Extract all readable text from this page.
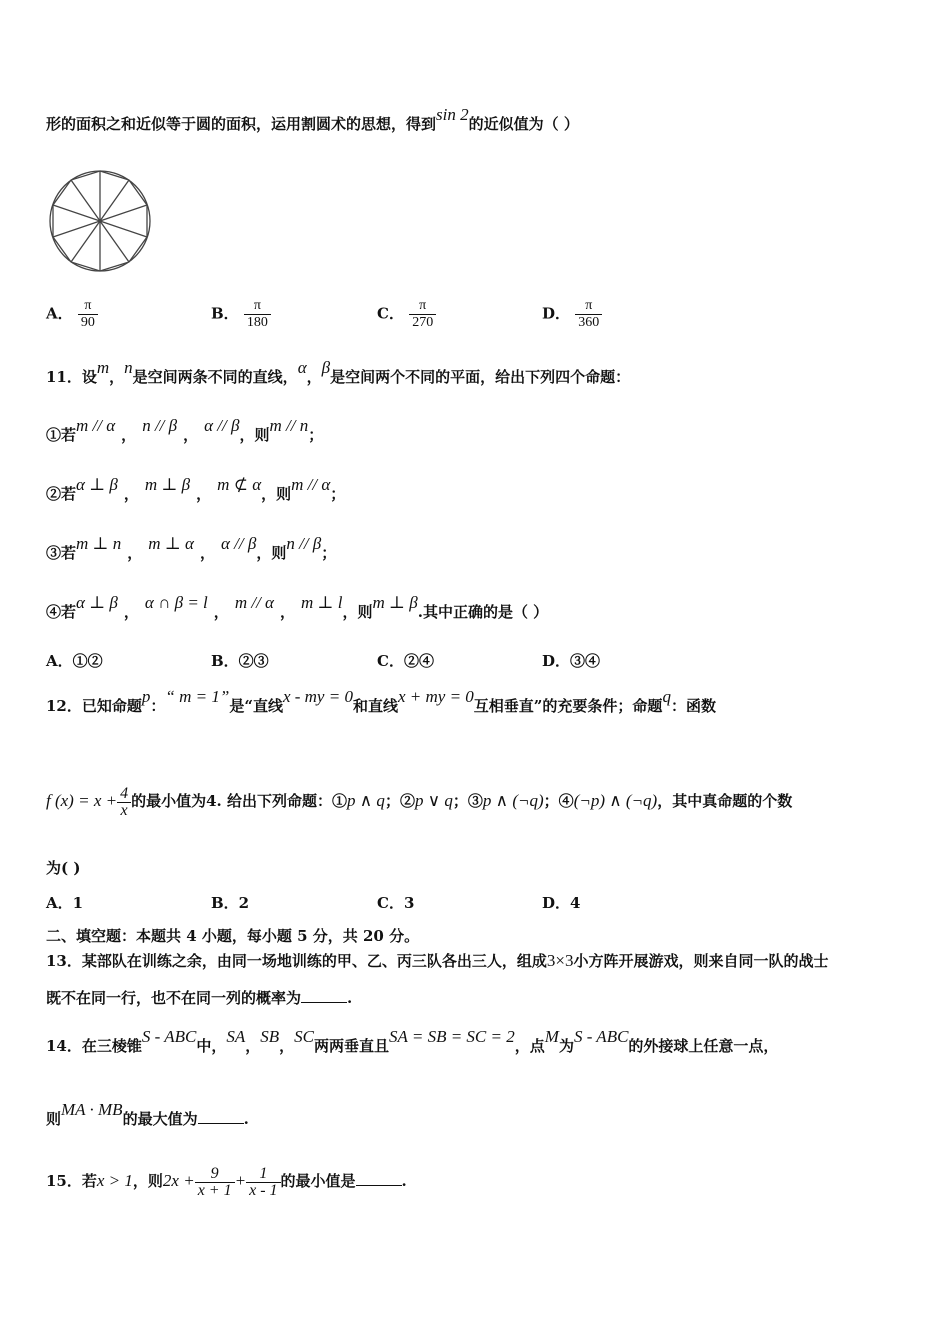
形的面积之和近似等于圆的面积，运用割圆术的思想，得到sin 2的近似值为（ ）
A． $\frac{\pi}{90}$	B． $\frac{\pi}{180}$	C． $\frac{\pi}{270}$	D． $\frac{\pi}{360}$
11．设m，n是空间两条不同的直线，α，β是空间两个不同的平面，给出下列四个命题：
①若m // α ， n // β ， α // β，则m // n；
②若α ⊥ β ， m ⊥ β ， m ⊄ α，则m // α；
③若m ⊥ n ， m ⊥ α ， α // β，则n // β；
④若α ⊥ β ， α ∩ β = l ， m // α ， m ⊥ l，则m ⊥ β.其中正确的是（ ）
A．①②	B．②③	C．②④	D．③④
12．已知命题p：“ m = 1”是“直线x - my = 0和直线x + my = 0互相垂直”的充要条件；命题q：函数
f $(x) = x + \frac{4}{x}$ 的最小值为4. 给出下列命题：①p ∧ q；②p ∨ q；③p ∧ (¬q)；④(¬p) ∧ (¬q)，其中真命题的个数
为( )
A．1	B．2	C．3	D．4
二、填空题：本题共 4 小题，每小题 5 分，共 20 分。
13．某部队在训练之余，由同一场地训练的甲、乙、丙三队各出三人，组成3×3小方阵开展游戏，则来自同一队的战士
既不在同一行，也不在同一列的概率为	.
14．在三棱锥S - ABC中，SA，SB，SC两两垂直且SA = SB = SC = 2，点M为S - ABC的外接球上任意一点，
则MA · MB的最大值为	.
15．若x > 1，则$2x + \frac{9}{x + 1} + \frac{1}{x - 1}$ 的最小值是	.
